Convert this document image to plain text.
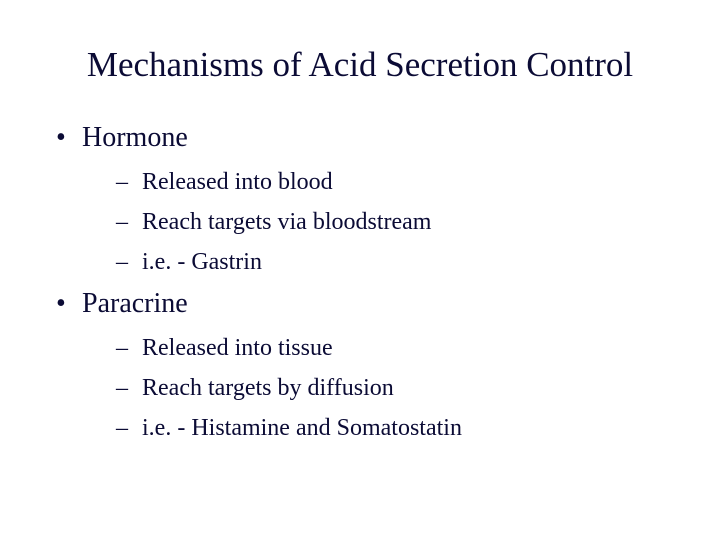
Mechanisms of Acid Secretion Control
• Hormone
– Released into blood
– Reach targets via bloodstream
– i.e. - Gastrin
• Paracrine
– Released into tissue
– Reach targets by diffusion
– i.e. - Histamine and Somatostatin
